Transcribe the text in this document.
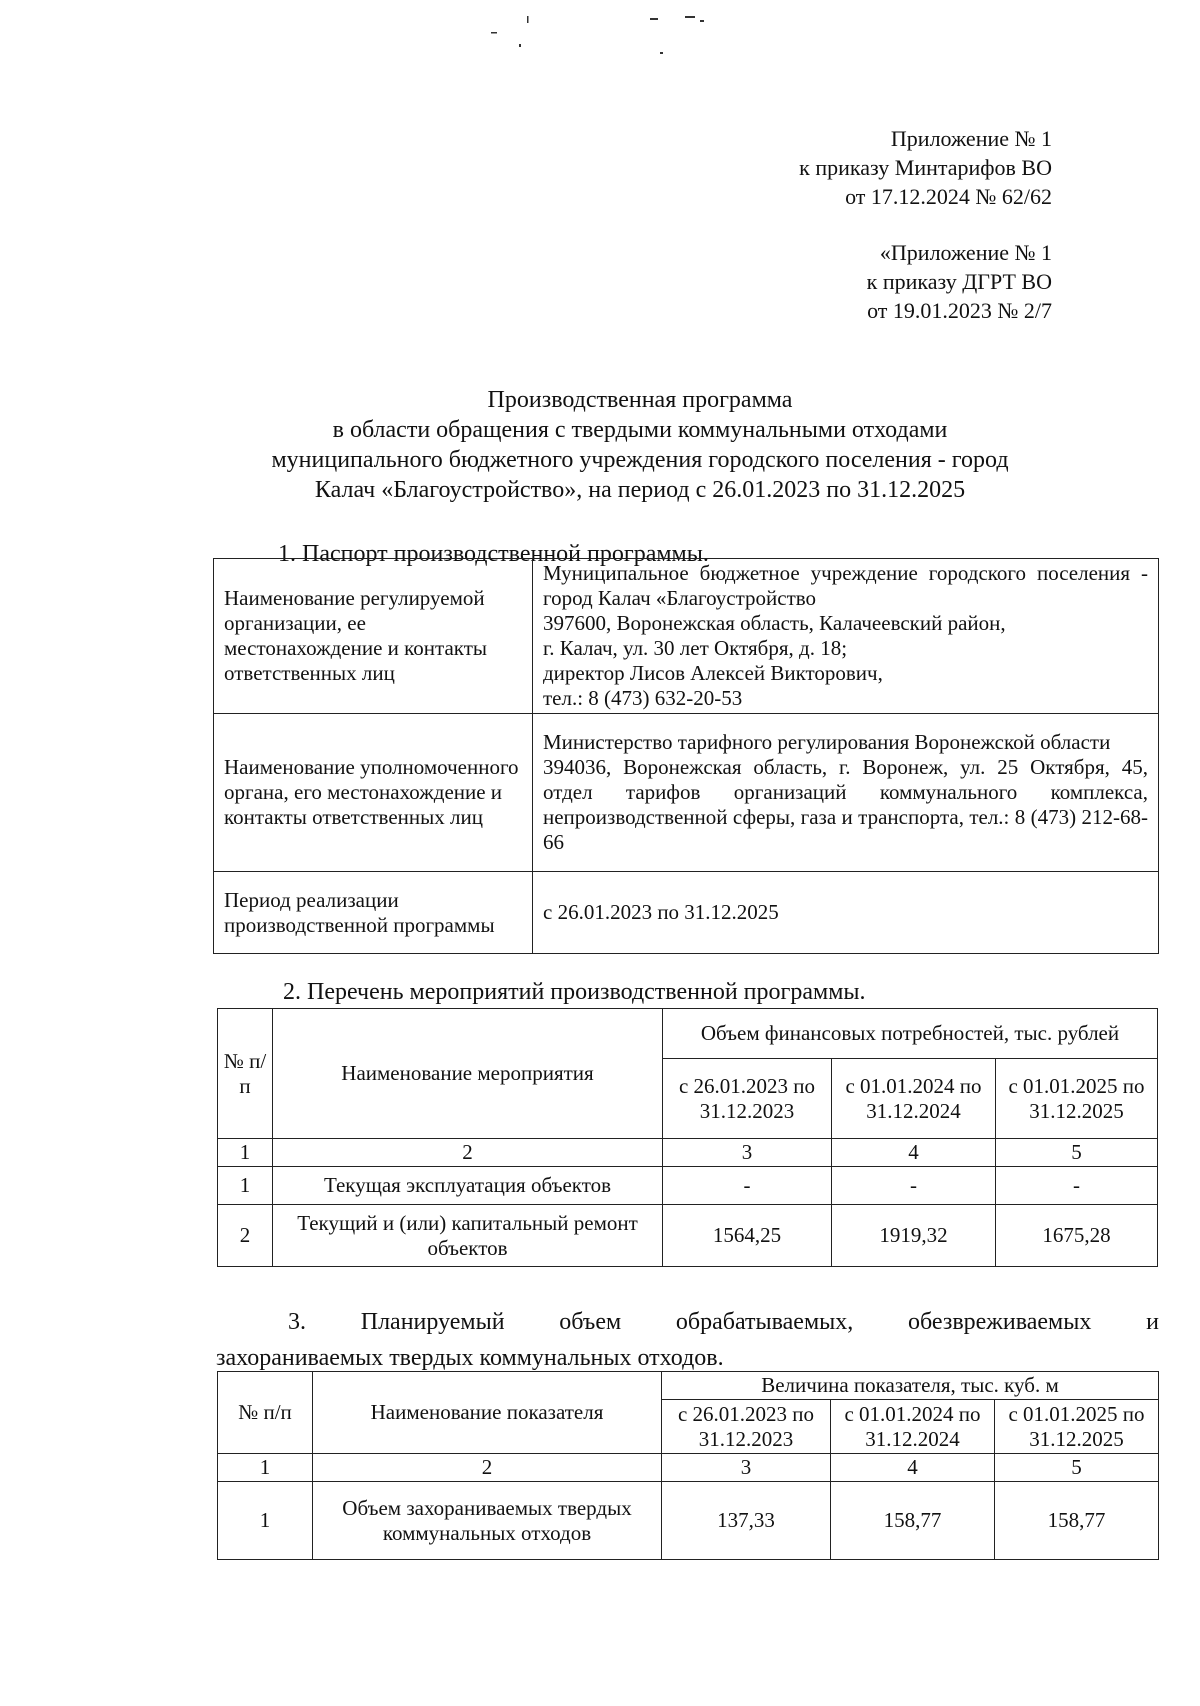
Приложение № 1
к приказу Минтарифов ВО
от 17.12.2024 № 62/62
«Приложение № 1
к приказу ДГРТ ВО
от 19.01.2023 № 2/7
Производственная программа
в области обращения с твердыми коммунальными отходами
муниципального бюджетного учреждения городского поселения - город
Калач «Благоустройство», на период с 26.01.2023 по 31.12.2025
1. Паспорт производственной программы.
Наименование регулируемой организации, ее местонахождение и контакты ответственных лиц	Муниципальное бюджетное учреждение городского поселения - город Калач «Благоустройство
397600, Воронежская область, Калачеевский район,
г. Калач, ул. 30 лет Октября, д. 18;
директор Лисов Алексей Викторович,
тел.: 8 (473) 632-20-53

Наименование уполномоченного органа, его местонахождение и контакты ответственных лиц	Министерство тарифного регулирования Воронежской области
394036, Воронежская область, г. Воронеж, ул. 25 Октября, 45, отдел тарифов организаций коммунального комплекса, непроизводственной сферы, газа и транспорта, тел.: 8 (473) 212-68-66

Период реализации производственной программы	с 26.01.2023 по 31.12.2025
2. Перечень мероприятий производственной программы.
№ п/п	Наименование мероприятия	Объем финансовых потребностей, тыс. рублей		
		с 26.01.2023 по 31.12.2023	с 01.01.2024 по 31.12.2024	с 01.01.2025 по 31.12.2025
1	2	3	4	5
1	Текущая эксплуатация объектов	-	-	-
2	Текущий и (или) капитальный ремонт объектов	1564,25	1919,32	1675,28
3. Планируемый объем обрабатываемых, обезвреживаемых и
захораниваемых твердых коммунальных отходов.
№ п/п	Наименование показателя	Величина показателя, тыс. куб. м		
		с 26.01.2023 по 31.12.2023	с 01.01.2024 по 31.12.2024	с 01.01.2025 по 31.12.2025
1	2	3	4	5
1	Объем захораниваемых твердых коммунальных отходов	137,33	158,77	158,77
